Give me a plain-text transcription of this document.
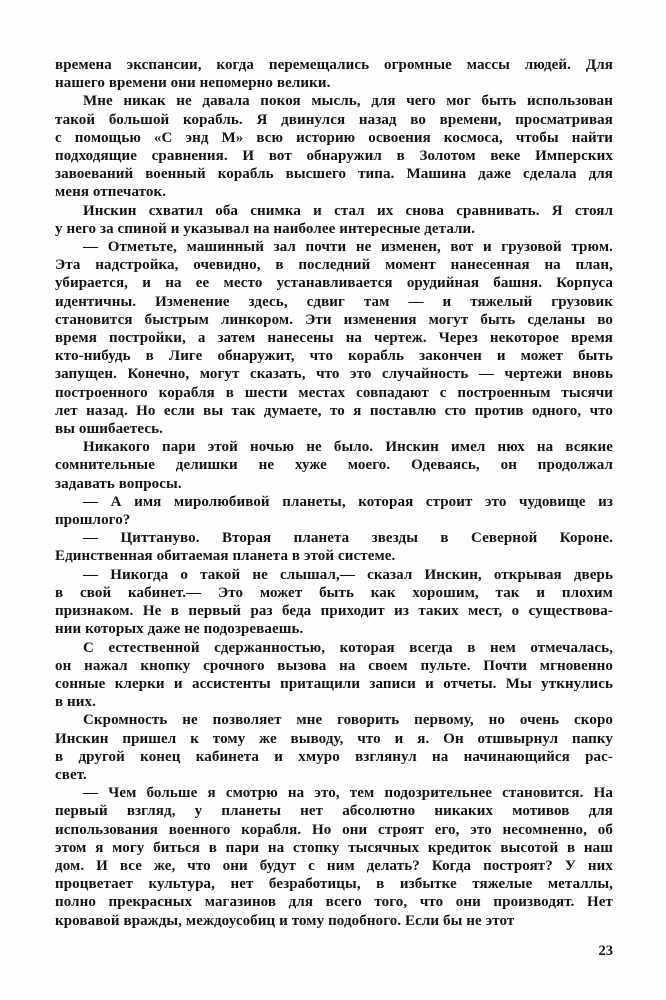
времена экспансии, когда перемещались огромные массы людей. Для
нашего времени они непомерно велики.
Мне никак не давала покоя мысль, для чего мог быть использован
такой большой корабль. Я двинулся назад во времени, просматривая
с помощью «С энд М» всю историю освоения космоса, чтобы найти
подходящие сравнения. И вот обнаружил в Золотом веке Имперских
завоеваний военный корабль высшего типа. Машина даже сделала для
меня отпечаток.
Инскин схватил оба снимка и стал их снова сравнивать. Я стоял
у него за спиной и указывал на наиболее интересные детали.
— Отметьте, машинный зал почти не изменен, вот и грузовой трюм.
Эта надстройка, очевидно, в последний момент нанесенная на план,
убирается, и на ее место устанавливается орудийная башня. Корпуса
идентичны. Изменение здесь, сдвиг там — и тяжелый грузовик
становится быстрым линкором. Эти изменения могут быть сделаны во
время постройки, а затем нанесены на чертеж. Через некоторое время
кто-нибудь в Лиге обнаружит, что корабль закончен и может быть
запущен. Конечно, могут сказать, что это случайность — чертежи вновь
построенного корабля в шести местах совпадают с построенным тысячи
лет назад. Но если вы так думаете, то я поставлю сто против одного, что
вы ошибаетесь.
Никакого пари этой ночью не было. Инскин имел нюх на всякие
сомнительные делишки не хуже моего. Одеваясь, он продолжал
задавать вопросы.
— А имя миролюбивой планеты, которая строит это чудовище из
прошлого?
— Циттануво. Вторая планета звезды в Северной Короне.
Единственная обитаемая планета в этой системе.
— Никогда о такой не слышал,— сказал Инскин, открывая дверь
в свой кабинет.— Это может быть как хорошим, так и плохим
признаком. Не в первый раз беда приходит из таких мест, о существова-
нии которых даже не подозреваешь.
С естественной сдержанностью, которая всегда в нем отмечалась,
он нажал кнопку срочного вызова на своем пульте. Почти мгновенно
сонные клерки и ассистенты притащили записи и отчеты. Мы уткнулись
в них.
Скромность не позволяет мне говорить первому, но очень скоро
Инскин пришел к тому же выводу, что и я. Он отшвырнул папку
в другой конец кабинета и хмуро взглянул на начинающийся рас-
свет.
— Чем больше я смотрю на это, тем подозрительнее становится. На
первый взгляд, у планеты нет абсолютно никаких мотивов для
использования военного корабля. Но они строят его, это несомненно, об
этом я могу биться в пари на стопку тысячных кредиток высотой в наш
дом. И все же, что они будут с ним делать? Когда построят? У них
процветает культура, нет безработицы, в избытке тяжелые металлы,
полно прекрасных магазинов для всего того, что они производят. Нет
кровавой вражды, междоусобиц и тому подобного. Если бы не этот
23
